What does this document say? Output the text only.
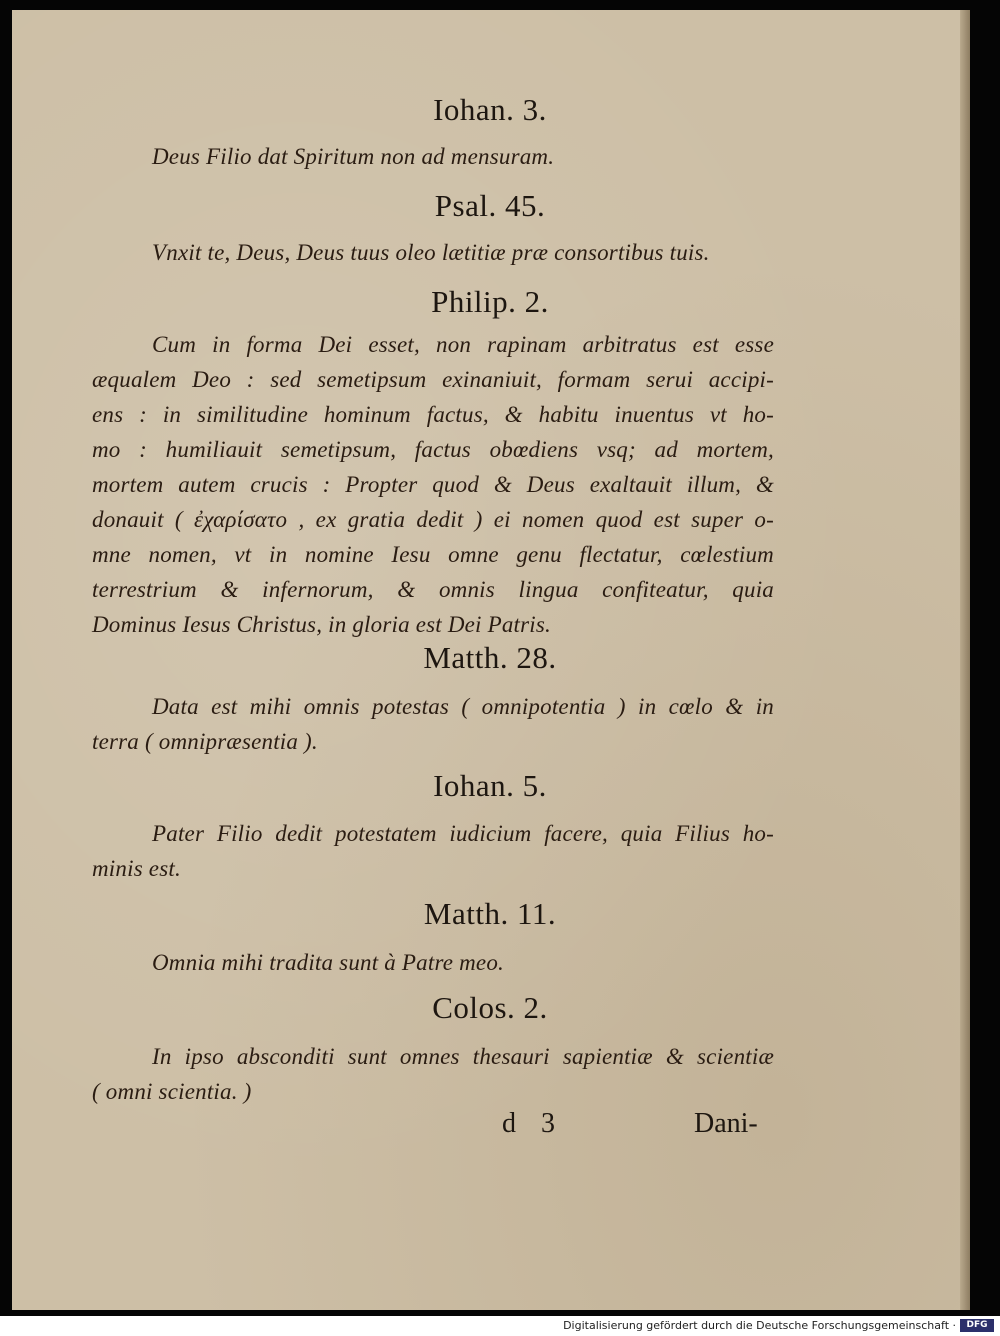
Iohan. 3.
Deus Filio dat Spiritum non ad mensuram.
Psal. 45.
Vnxit te, Deus, Deus tuus oleo lætitiæ præ consortibus tuis.
Philip. 2.
Cum in forma Dei esset, non rapinam arbitratus est esse
æqualem Deo : sed semetipsum exinaniuit, formam serui accipi-
ens : in similitudine hominum factus, & habitu inuentus vt ho-
mo : humiliauit semetipsum, factus obœdiens vsq; ad mortem,
mortem autem crucis : Propter quod & Deus exaltauit illum, &
donauit ( ἐχαρίσατο , ex gratia dedit ) ei nomen quod est super o-
mne nomen, vt in nomine Iesu omne genu flectatur, cœlestium
terrestrium & infernorum, & omnis lingua confiteatur, quia
Dominus Iesus Christus, in gloria est Dei Patris.
Matth. 28.
Data est mihi omnis potestas ( omnipotentia ) in cœlo & in
terra ( omnipræsentia ).
Iohan. 5.
Pater Filio dedit potestatem iudicium facere, quia Filius ho-
minis est.
Matth. 11.
Omnia mihi tradita sunt à Patre meo.
Colos. 2.
In ipso absconditi sunt omnes thesauri sapientiæ & scientiæ
( omni scientia. )
d 3	Dani-
Digitalisierung gefördert durch die Deutsche Forschungsgemeinschaft ·	DFG
